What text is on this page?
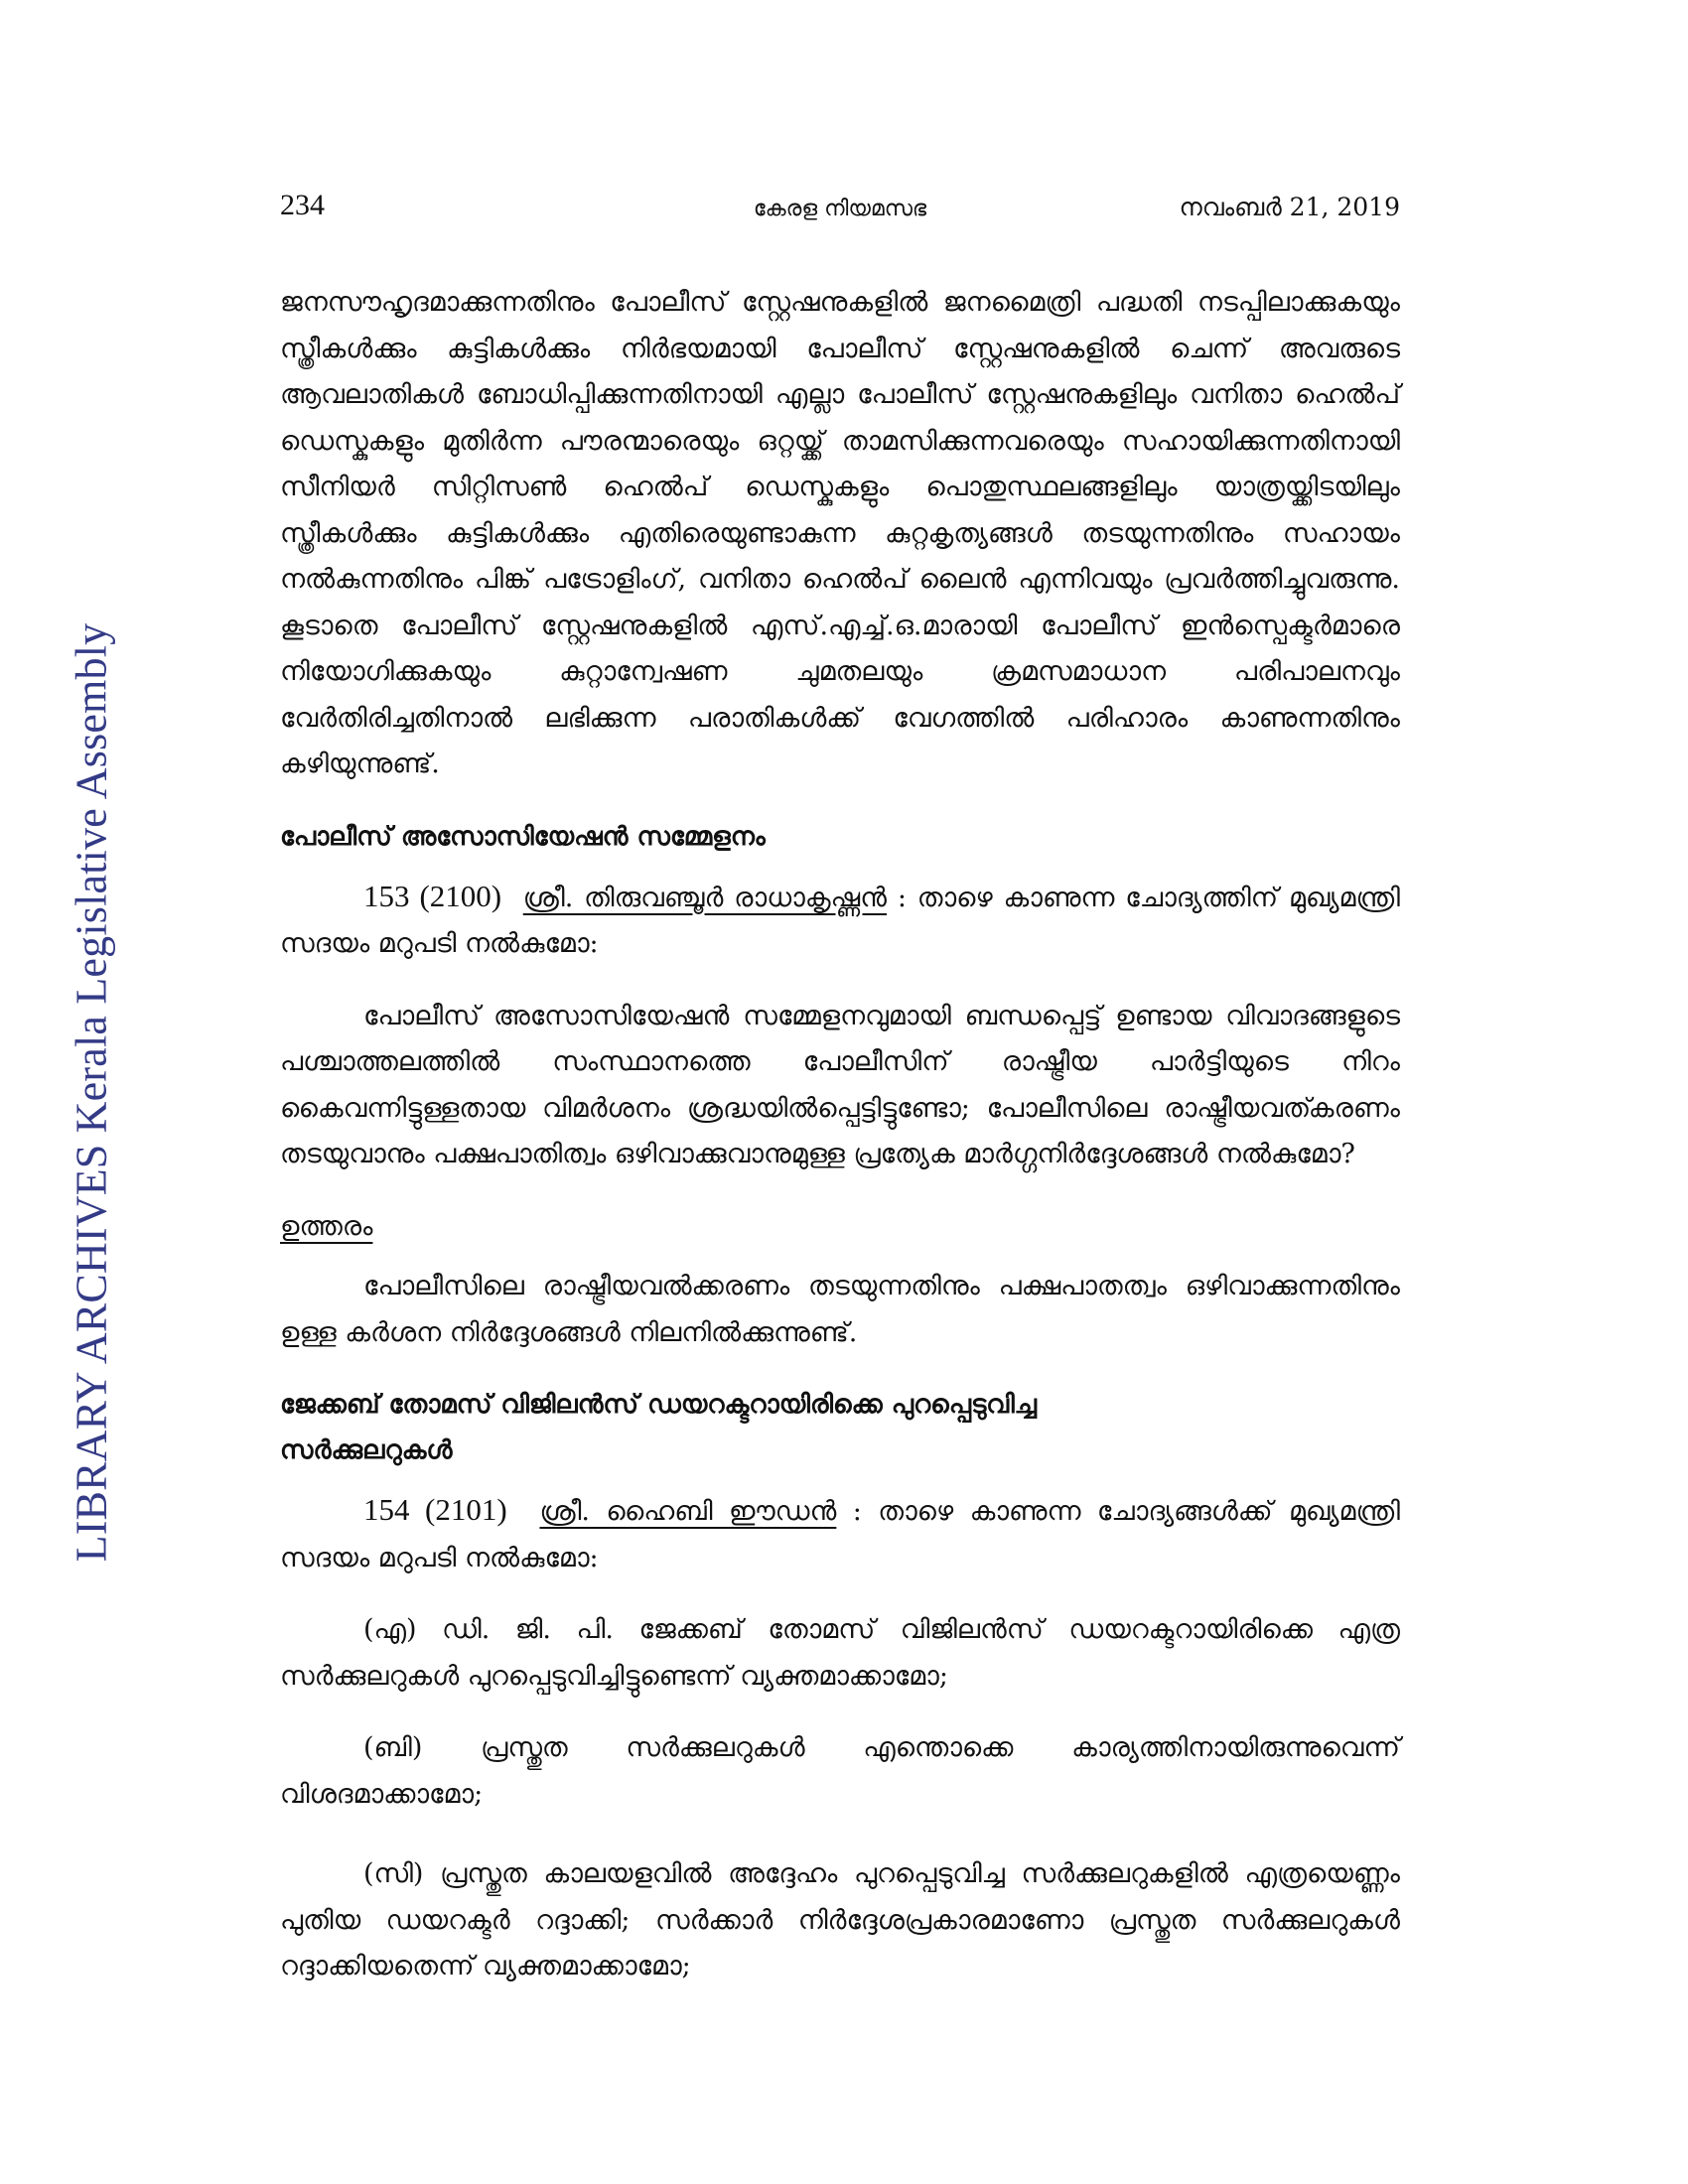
LIBRARY ARCHIVES Kerala Legislative Assembly
234	കേരള നിയമസഭ	നവംബർ 21, 2019

ജനസൗഹൃദമാക്കുന്നതിനും പോലീസ് സ്റ്റേഷനുകളിൽ ജനമൈത്രി പദ്ധതി നടപ്പിലാക്കുകയും സ്ത്രീകൾക്കും കുട്ടികൾക്കും നിർഭയമായി പോലീസ് സ്റ്റേഷനുകളിൽ ചെന്ന് അവരുടെ ആവലാതികൾ ബോധിപ്പിക്കുന്നതിനായി എല്ലാ പോലീസ് സ്റ്റേഷനുകളിലും വനിതാ ഹെൽപ് ഡെസ്കുകളും മുതിർന്ന പൗരന്മാരെയും ഒറ്റയ്ക്ക് താമസിക്കുന്നവരെയും സഹായിക്കുന്നതിനായി സീനിയർ സിറ്റിസൺ ഹെൽപ് ഡെസ്കുകളും പൊതുസ്ഥലങ്ങളിലും യാത്രയ്ക്കിടയിലും സ്ത്രീകൾക്കും കുട്ടികൾക്കും എതിരെയുണ്ടാകുന്ന കുറ്റകൃത്യങ്ങൾ തടയുന്നതിനും സഹായം നൽകുന്നതിനും പിങ്ക് പട്രോളിംഗ്, വനിതാ ഹെൽപ് ലൈൻ എന്നിവയും പ്രവർത്തിച്ചുവരുന്നു. കൂടാതെ പോലീസ് സ്റ്റേഷനുകളിൽ എസ്.എച്ച്.ഒ.മാരായി പോലീസ് ഇൻസ്പെക്ടർമാരെ നിയോഗിക്കുകയും കുറ്റാന്വേഷണ ചുമതലയും ക്രമസമാധാന പരിപാലനവും വേർതിരിച്ചതിനാൽ ലഭിക്കുന്ന പരാതികൾക്ക് വേഗത്തിൽ പരിഹാരം കാണുന്നതിനും കഴിയുന്നുണ്ട്.

പോലീസ് അസോസിയേഷൻ സമ്മേളനം

153 (2100) ശ്രീ. തിരുവഞ്ചൂർ രാധാകൃഷ്ണൻ : താഴെ കാണുന്ന ചോദ്യത്തിന് മുഖ്യമന്ത്രി സദയം മറുപടി നൽകുമോ:

പോലീസ് അസോസിയേഷൻ സമ്മേളനവുമായി ബന്ധപ്പെട്ട് ഉണ്ടായ വിവാദങ്ങളുടെ പശ്ചാത്തലത്തിൽ സംസ്ഥാനത്തെ പോലീസിന് രാഷ്ട്രീയ പാർട്ടിയുടെ നിറം കൈവന്നിട്ടുള്ളതായ വിമർശനം ശ്രദ്ധയിൽപ്പെട്ടിട്ടുണ്ടോ; പോലീസിലെ രാഷ്ട്രീയവത്കരണം തടയുവാനും പക്ഷപാതിത്വം ഒഴിവാക്കുവാനുമുള്ള പ്രത്യേക മാർഗ്ഗനിർദ്ദേശങ്ങൾ നൽകുമോ?

ഉത്തരം

പോലീസിലെ രാഷ്ട്രീയവൽക്കരണം തടയുന്നതിനും പക്ഷപാതത്വം ഒഴിവാക്കുന്നതിനും ഉള്ള കർശന നിർദ്ദേശങ്ങൾ നിലനിൽക്കുന്നുണ്ട്.

ജേക്കബ് തോമസ് വിജിലൻസ് ഡയറക്ടറായിരിക്കെ പുറപ്പെടുവിച്ച
സർക്കുലറുകൾ

154 (2101) ശ്രീ. ഹൈബി ഈഡൻ : താഴെ കാണുന്ന ചോദ്യങ്ങൾക്ക് മുഖ്യമന്ത്രി സദയം മറുപടി നൽകുമോ:

(എ) ഡി. ജി. പി. ജേക്കബ് തോമസ് വിജിലൻസ് ഡയറക്ടറായിരിക്കെ എത്ര സർക്കുലറുകൾ പുറപ്പെടുവിച്ചിട്ടുണ്ടെന്ന് വ്യക്തമാക്കാമോ;

(ബി) പ്രസ്തുത സർക്കുലറുകൾ എന്തൊക്കെ കാര്യത്തിനായിരുന്നുവെന്ന് വിശദമാക്കാമോ;

(സി) പ്രസ്തുത കാലയളവിൽ അദ്ദേഹം പുറപ്പെടുവിച്ച സർക്കുലറുകളിൽ എത്രയെണ്ണം പുതിയ ഡയറക്ടർ റദ്ദാക്കി; സർക്കാർ നിർദ്ദേശപ്രകാരമാണോ പ്രസ്തുത സർക്കുലറുകൾ റദ്ദാക്കിയതെന്ന് വ്യക്തമാക്കാമോ;
